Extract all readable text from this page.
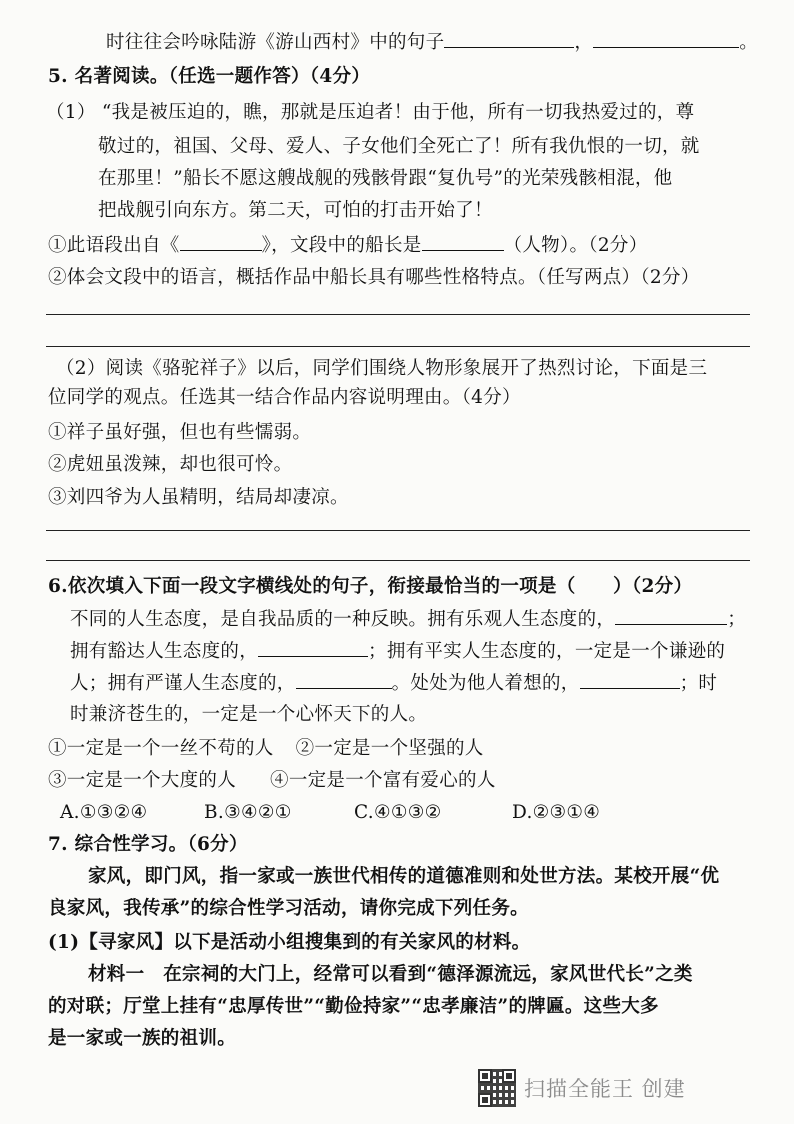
时往往会吟咏陆游《游山西村》中的句子	，	。
5. 名著阅读。（任选一题作答）（4分）
（1） “我是被压迫的，瞧，那就是压迫者！由于他，所有一切我热爱过的，尊
敬过的，祖国、父母、爱人、子女他们全死亡了！所有我仇恨的一切，就
在那里！”船长不愿这艘战舰的残骸骨跟“复仇号”的光荣残骸相混，他
把战舰引向东方。第二天，可怕的打击开始了！
①此语段出自《	》，文段中的船长是	（人物）。（2分）
②体会文段中的语言，概括作品中船长具有哪些性格特点。（任写两点）（2分）
（2）阅读《骆驼祥子》以后，同学们围绕人物形象展开了热烈讨论，下面是三
位同学的观点。任选其一结合作品内容说明理由。（4分）
①祥子虽好强，但也有些懦弱。
②虎妞虽泼辣，却也很可怜。
③刘四爷为人虽精明，结局却凄凉。
6.依次填入下面一段文字横线处的句子，衔接最恰当的一项是（　　）（2分）
不同的人生态度，是自我品质的一种反映。拥有乐观人生态度的，	；
拥有豁达人生态度的，	；拥有平实人生态度的，一定是一个谦逊的
人；拥有严谨人生态度的，	。处处为他人着想的，	；时
时兼济苍生的，一定是一个心怀天下的人。
①一定是一个一丝不苟的人 ②一定是一个坚强的人
③一定是一个大度的人 ④一定是一个富有爱心的人
A.①③②④	B.③④②①	C.④①③②	D.②③①④
7. 综合性学习。（6分）
家风，即门风，指一家或一族世代相传的道德准则和处世方法。某校开展“优
良家风，我传承”的综合性学习活动，请你完成下列任务。
(1)【寻家风】以下是活动小组搜集到的有关家风的材料。
材料一　在宗祠的大门上，经常可以看到“德泽源流远，家风世代长”之类
的对联；厅堂上挂有“忠厚传世”“勤俭持家”“忠孝廉洁”的牌匾。这些大多
是一家或一族的祖训。
扫描全能王 创建
